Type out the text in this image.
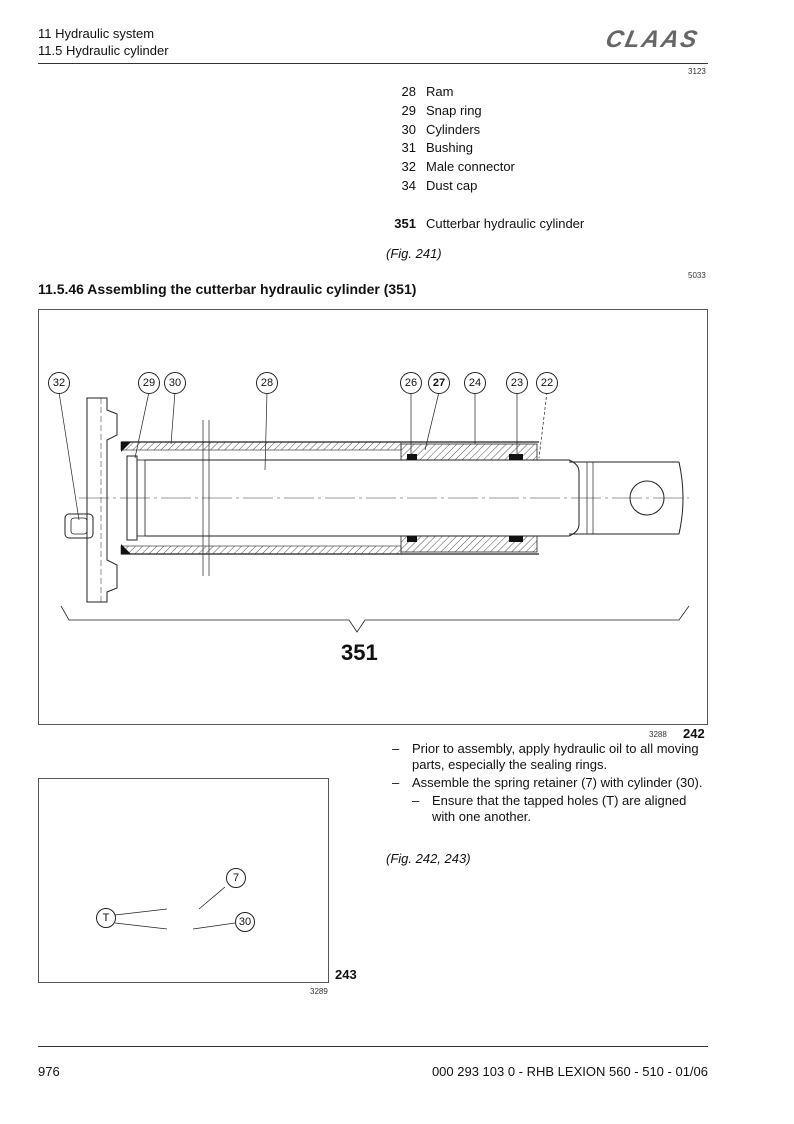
11 Hydraulic system
11.5 Hydraulic cylinder	CLAAS
3123
28 Ram
29 Snap ring
30 Cylinders
31 Bushing
32 Male connector
34 Dust cap
351 Cutterbar hydraulic cylinder
(Fig. 241)
5033
11.5.46 Assembling the cutterbar hydraulic cylinder (351)
32	29	30	28	26	27	24	23	22
351
3288 242
– Prior to assembly, apply hydraulic oil to all moving parts, especially the sealing rings.
– Assemble the spring retainer (7) with cylinder (30).
– Ensure that the tapped holes (T) are aligned with one another.
(Fig. 242, 243)
7
T	30
243
3289
976	000 293 103 0 - RHB LEXION 560 - 510 - 01/06
